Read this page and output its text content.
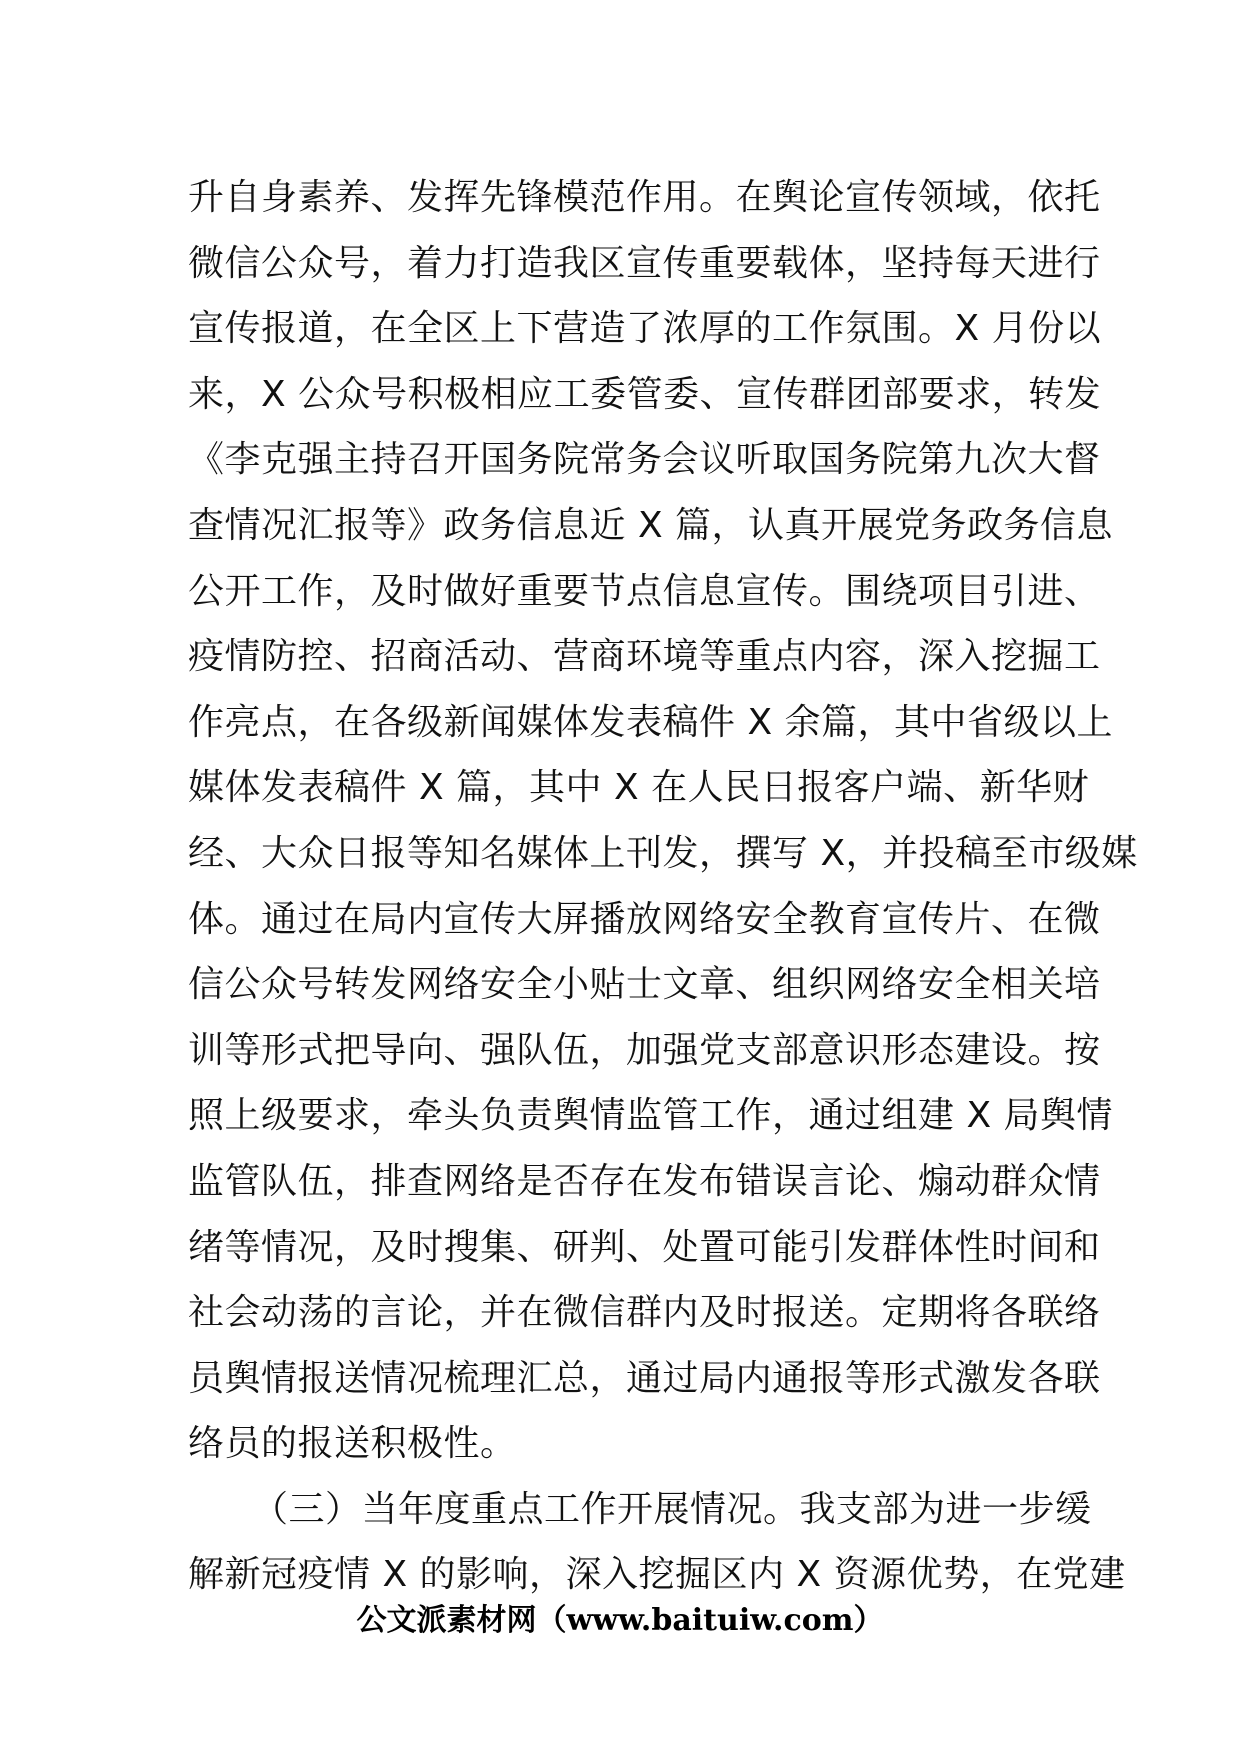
升自身素养、发挥先锋模范作用。在舆论宣传领域，依托
微信公众号，着力打造我区宣传重要载体，坚持每天进行
宣传报道，在全区上下营造了浓厚的工作氛围。X 月份以
来，X 公众号积极相应工委管委、宣传群团部要求，转发
《李克强主持召开国务院常务会议听取国务院第九次大督
查情况汇报等》政务信息近 X 篇，认真开展党务政务信息
公开工作，及时做好重要节点信息宣传。围绕项目引进、
疫情防控、招商活动、营商环境等重点内容，深入挖掘工
作亮点，在各级新闻媒体发表稿件 X 余篇，其中省级以上
媒体发表稿件 X 篇，其中 X 在人民日报客户端、新华财
经、大众日报等知名媒体上刊发，撰写 X，并投稿至市级媒
体。通过在局内宣传大屏播放网络安全教育宣传片、在微
信公众号转发网络安全小贴士文章、组织网络安全相关培
训等形式把导向、强队伍，加强党支部意识形态建设。按
照上级要求，牵头负责舆情监管工作，通过组建 X 局舆情
监管队伍，排查网络是否存在发布错误言论、煽动群众情
绪等情况，及时搜集、研判、处置可能引发群体性时间和
社会动荡的言论，并在微信群内及时报送。定期将各联络
员舆情报送情况梳理汇总，通过局内通报等形式激发各联
络员的报送积极性。
（三）当年度重点工作开展情况。我支部为进一步缓
解新冠疫情 X 的影响，深入挖掘区内 X 资源优势，在党建
公文派素材网（www.baituiw.com）
